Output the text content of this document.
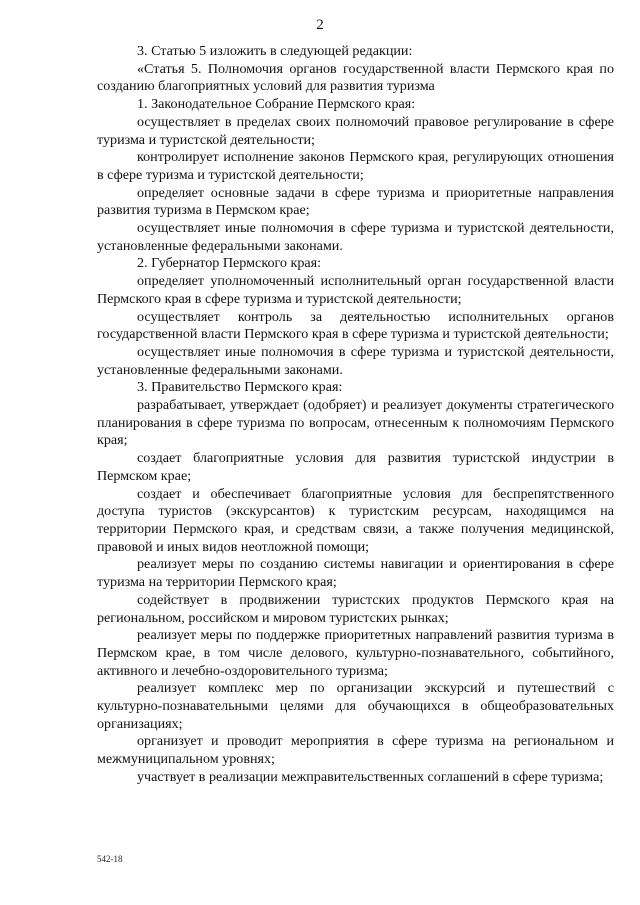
2

3. Статью 5 изложить в следующей редакции:

«Статья 5. Полномочия органов государственной власти Пермского края по созданию благоприятных условий для развития туризма

1. Законодательное Собрание Пермского края:

осуществляет в пределах своих полномочий правовое регулирование в сфере туризма и туристской деятельности;

контролирует исполнение законов Пермского края, регулирующих отношения в сфере туризма и туристской деятельности;

определяет основные задачи в сфере туризма и приоритетные направления развития туризма в Пермском крае;

осуществляет иные полномочия в сфере туризма и туристской деятельности, установленные федеральными законами.

2. Губернатор Пермского края:

определяет уполномоченный исполнительный орган государственной власти Пермского края в сфере туризма и туристской деятельности;

осуществляет контроль за деятельностью исполнительных органов государственной власти Пермского края в сфере туризма и туристской деятельности;

осуществляет иные полномочия в сфере туризма и туристской деятельности, установленные федеральными законами.

3. Правительство Пермского края:

разрабатывает, утверждает (одобряет) и реализует документы стратегического планирования в сфере туризма по вопросам, отнесенным к полномочиям Пермского края;

создает благоприятные условия для развития туристской индустрии в Пермском крае;

создает и обеспечивает благоприятные условия для беспрепятственного доступа туристов (экскурсантов) к туристским ресурсам, находящимся на территории Пермского края, и средствам связи, а также получения медицинской, правовой и иных видов неотложной помощи;

реализует меры по созданию системы навигации и ориентирования в сфере туризма на территории Пермского края;

содействует в продвижении туристских продуктов Пермского края на региональном, российском и мировом туристских рынках;

реализует меры по поддержке приоритетных направлений развития туризма в Пермском крае, в том числе делового, культурно-познавательного, событийного, активного и лечебно-оздоровительного туризма;

реализует комплекс мер по организации экскурсий и путешествий с культурно-познавательными целями для обучающихся в общеобразовательных организациях;

организует и проводит мероприятия в сфере туризма на региональном и межмуниципальном уровнях;

участвует в реализации межправительственных соглашений в сфере туризма;

542-18
